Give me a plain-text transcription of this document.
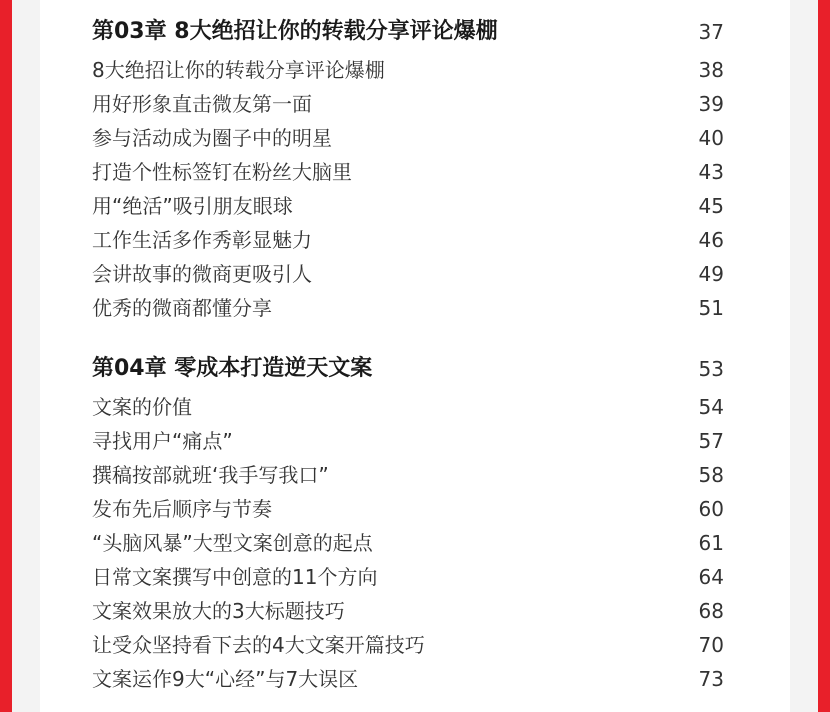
第03章 8大绝招让你的转载分享评论爆棚	37
8大绝招让你的转载分享评论爆棚	38
用好形象直击微友第一面	39
参与活动成为圈子中的明星	40
打造个性标签钉在粉丝大脑里	43
用“绝活”吸引朋友眼球	45
工作生活多作秀彰显魅力	46
会讲故事的微商更吸引人	49
优秀的微商都懂分享	51
第04章 零成本打造逆天文案	53
文案的价值	54
寻找用户“痛点”	57
撰稿按部就班‘我手写我口”	58
发布先后顺序与节奏	60
“头脑风暴”大型文案创意的起点	61
日常文案撰写中创意的11个方向	64
文案效果放大的3大标题技巧	68
让受众坚持看下去的4大文案开篇技巧	70
文案运作9大“心经”与7大误区	73
